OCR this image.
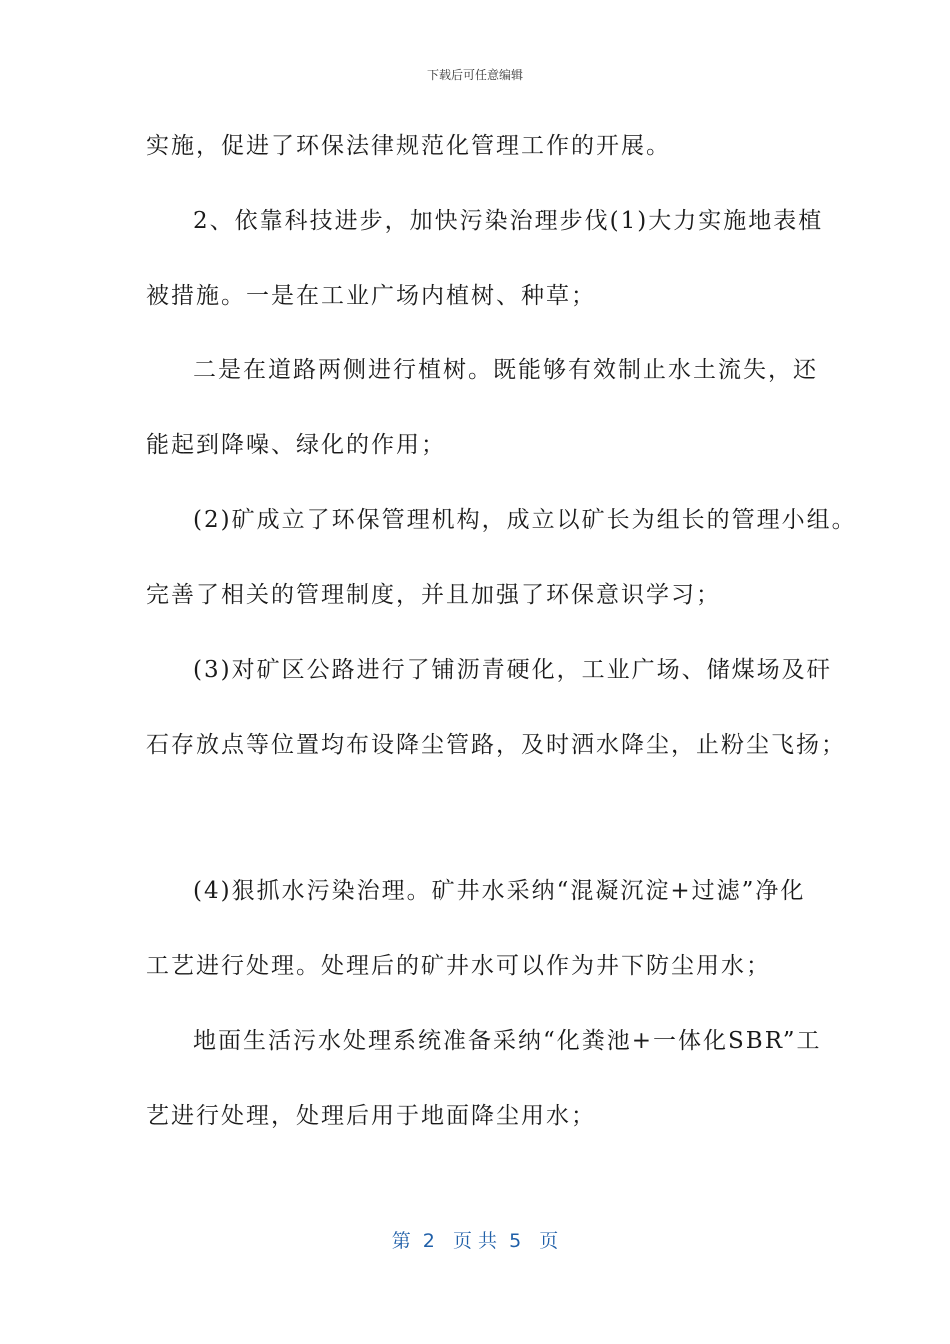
下载后可任意编辑
实施，促进了环保法律规范化管理工作的开展。
2、依靠科技进步，加快污染治理步伐(1)大力实施地表植
被措施。一是在工业广场内植树、种草；
二是在道路两侧进行植树。既能够有效制止水土流失，还
能起到降噪、绿化的作用；
(2)矿成立了环保管理机构，成立以矿长为组长的管理小组。
完善了相关的管理制度，并且加强了环保意识学习；
(3)对矿区公路进行了铺沥青硬化，工业广场、储煤场及矸
石存放点等位置均布设降尘管路，及时洒水降尘，止粉尘飞扬；
(4)狠抓水污染治理。矿井水采纳“混凝沉淀+过滤”净化
工艺进行处理。处理后的矿井水可以作为井下防尘用水；
地面生活污水处理系统准备采纳“化粪池+一体化SBR”工
艺进行处理，处理后用于地面降尘用水；
第  2   页 共  5   页
